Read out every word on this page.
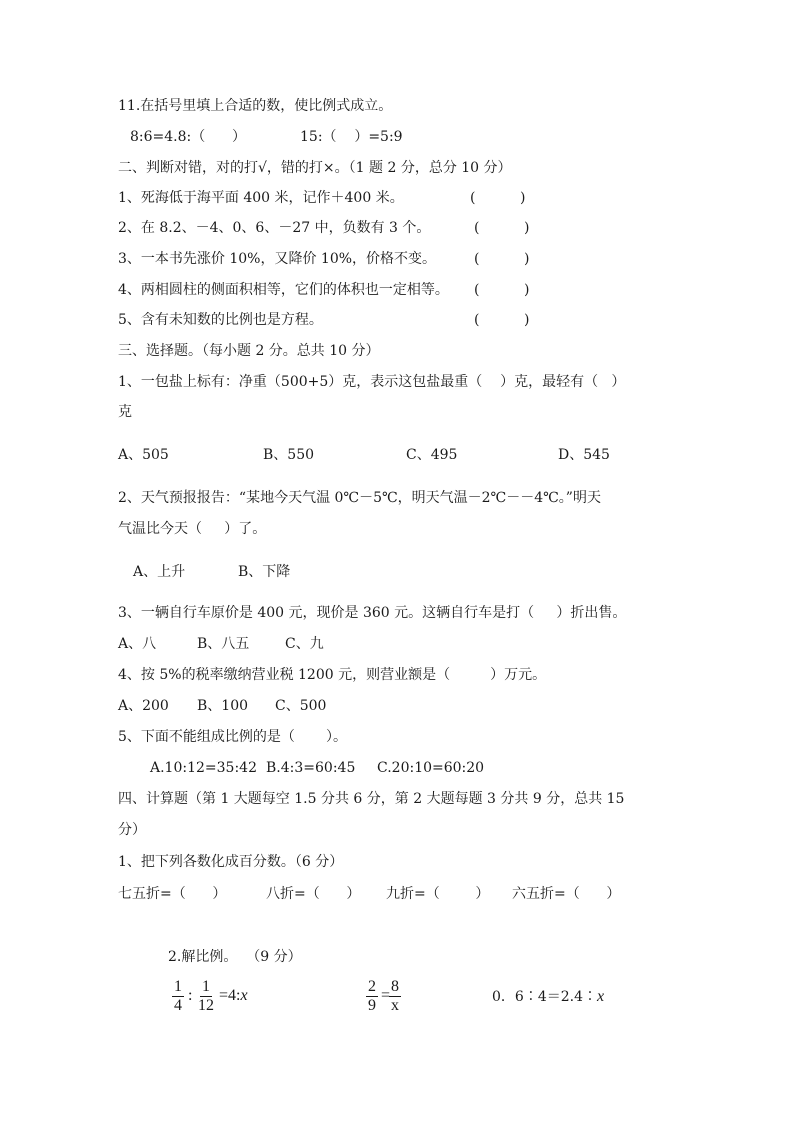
11.在括号里填上合适的数，使比例式成立。
8:6=4.8:（      ）	15:（    ）=5:9
二、判断对错，对的打√，错的打×。（1 题 2 分，总分 10 分）
1、死海低于海平面 400 米，记作＋400 米。	(          )
2、在 8.2、－4、0、6、－27 中，负数有 3 个。	(          )
3、一本书先涨价 10%，又降价 10%，价格不变。	(          )
4、两相圆柱的侧面积相等，它们的体积也一定相等。 (          )
5、含有未知数的比例也是方程。	(          )
三、选择题。（每小题 2 分。总共 10 分）
1、一包盐上标有：净重（500+5）克，表示这包盐最重（    ）克，最轻有（   ）
克
A、505	B、550	C、495	D、545
2、天气预报报告：“某地今天气温 0℃－5℃，明天气温－2℃－－4℃。”明天
气温比今天（     ）了。
A、上升	B、下降
3、一辆自行车原价是 400 元，现价是 360 元。这辆自行车是打（     ）折出售。
A、八	B、八五	C、九
4、按 5%的税率缴纳营业税 1200 元，则营业额是（         ）万元。
A、200 B、100 C、500
5、下面不能组成比例的是（       ）。
A.10:12=35:42 B.4:3=60:45 C.20:10=60:20
四、计算题（第 1 大题每空 1.5 分共 6 分，第 2 大题每题 3 分共 9 分，总共 15
分）
1、把下列各数化成百分数。（6 分）
七五折=（      ）	八折=（      ） 九折=（        ） 六五折=（      ）
2.解比例。  （9 分）
$\frac{1}{4}$ : $\frac{1}{12}$ =4:x	$\frac{2}{9}$ =
$\frac{8}{x}$	0．6∶4＝2.4∶x
